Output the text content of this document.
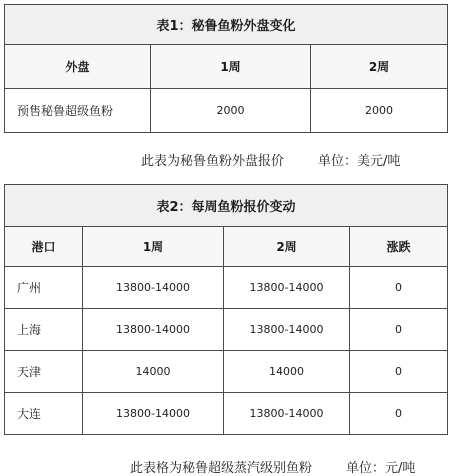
表1：秘鲁鱼粉外盘变化		
外盘	1周	2周
预售秘鲁超级鱼粉	2000	2000
此表为秘鲁鱼粉外盘报价	单位：美元/吨
表2：每周鱼粉报价变动			
港口	1周	2周	涨跌
广州	13800-14000	13800-14000	0
上海	13800-14000	13800-14000	0
天津	14000	14000	0
大连	13800-14000	13800-14000	0
此表格为秘鲁超级蒸汽级别鱼粉	单位：元/吨
